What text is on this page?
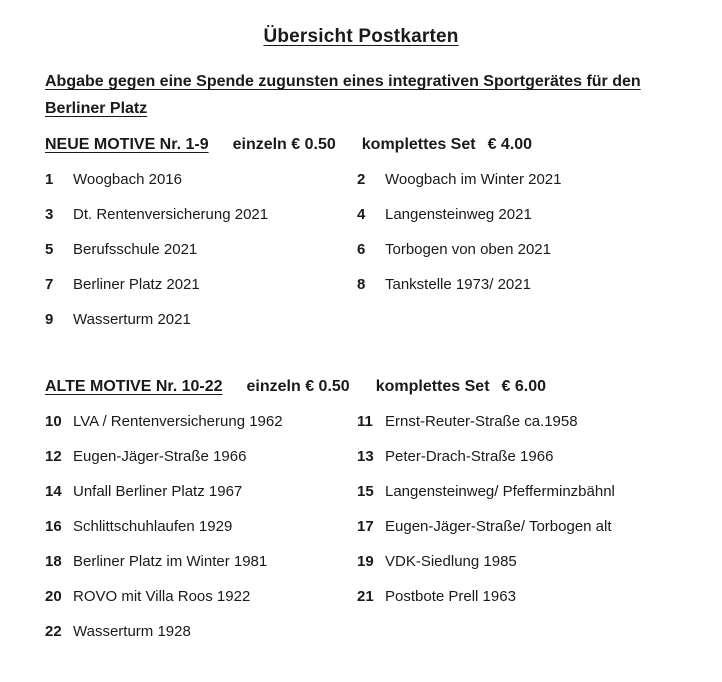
Übersicht Postkarten
Abgabe gegen eine Spende zugunsten eines integrativen Sportgerätes für den
Berliner Platz
NEUE MOTIVE Nr. 1-9	einzeln € 0.50 komplettes Set € 4.00
1	Woogbach 2016	2	Woogbach im Winter 2021
3	Dt. Rentenversicherung 2021	4	Langensteinweg 2021
5	Berufsschule 2021	6	Torbogen von oben 2021
7	Berliner Platz 2021	8	Tankstelle 1973/ 2021
9	Wasserturm 2021
ALTE MOTIVE Nr. 10-22	einzeln € 0.50 komplettes Set € 6.00
10 LVA / Rentenversicherung 1962	11 Ernst-Reuter-Straße ca.1958
12 Eugen-Jäger-Straße 1966	13 Peter-Drach-Straße 1966
14 Unfall Berliner Platz 1967	15 Langensteinweg/ Pfefferminzbähnl
16 Schlittschuhlaufen 1929	17 Eugen-Jäger-Straße/ Torbogen alt
18 Berliner Platz im Winter 1981	19 VDK-Siedlung 1985
20 ROVO mit Villa Roos 1922	21 Postbote Prell 1963
22 Wasserturm 1928
